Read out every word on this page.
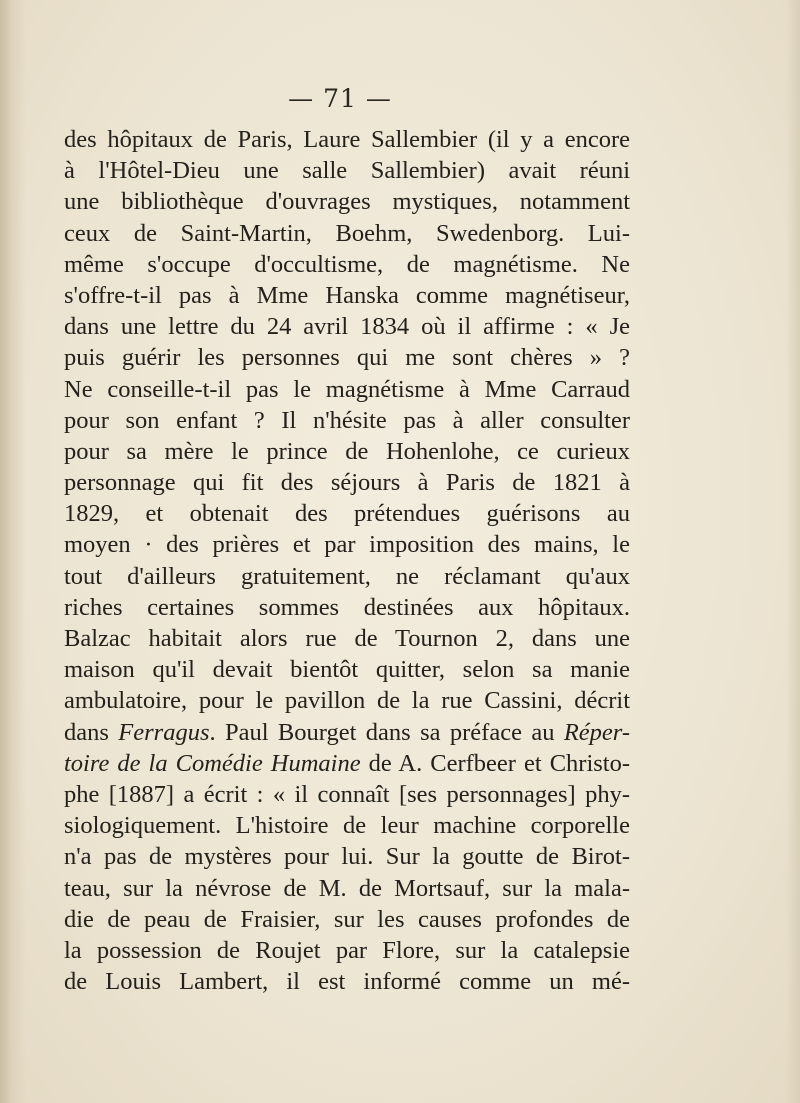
— 71 —
des hôpitaux de Paris, Laure Sallembier (il y a encore
à l'Hôtel-Dieu une salle Sallembier) avait réuni
une bibliothèque d'ouvrages mystiques, notamment
ceux de Saint-Martin, Boehm, Swedenborg. Lui-
même s'occupe d'occultisme, de magnétisme. Ne
s'offre-t-il pas à Mme Hanska comme magnétiseur,
dans une lettre du 24 avril 1834 où il affirme : « Je
puis guérir les personnes qui me sont chères » ?
Ne conseille-t-il pas le magnétisme à Mme Carraud
pour son enfant ? Il n'hésite pas à aller consulter
pour sa mère le prince de Hohenlohe, ce curieux
personnage qui fit des séjours à Paris de 1821 à
1829, et obtenait des prétendues guérisons au
moyen · des prières et par imposition des mains, le
tout d'ailleurs gratuitement, ne réclamant qu'aux
riches certaines sommes destinées aux hôpitaux.
Balzac habitait alors rue de Tournon 2, dans une
maison qu'il devait bientôt quitter, selon sa manie
ambulatoire, pour le pavillon de la rue Cassini, décrit
dans Ferragus. Paul Bourget dans sa préface au Réper-
toire de la Comédie Humaine de A. Cerfbeer et Christo-
phe [1887] a écrit : « il connaît [ses personnages] phy-
siologiquement. L'histoire de leur machine corporelle
n'a pas de mystères pour lui. Sur la goutte de Birot-
teau, sur la névrose de M. de Mortsauf, sur la mala-
die de peau de Fraisier, sur les causes profondes de
la possession de Roujet par Flore, sur la catalepsie
de Louis Lambert, il est informé comme un mé-
